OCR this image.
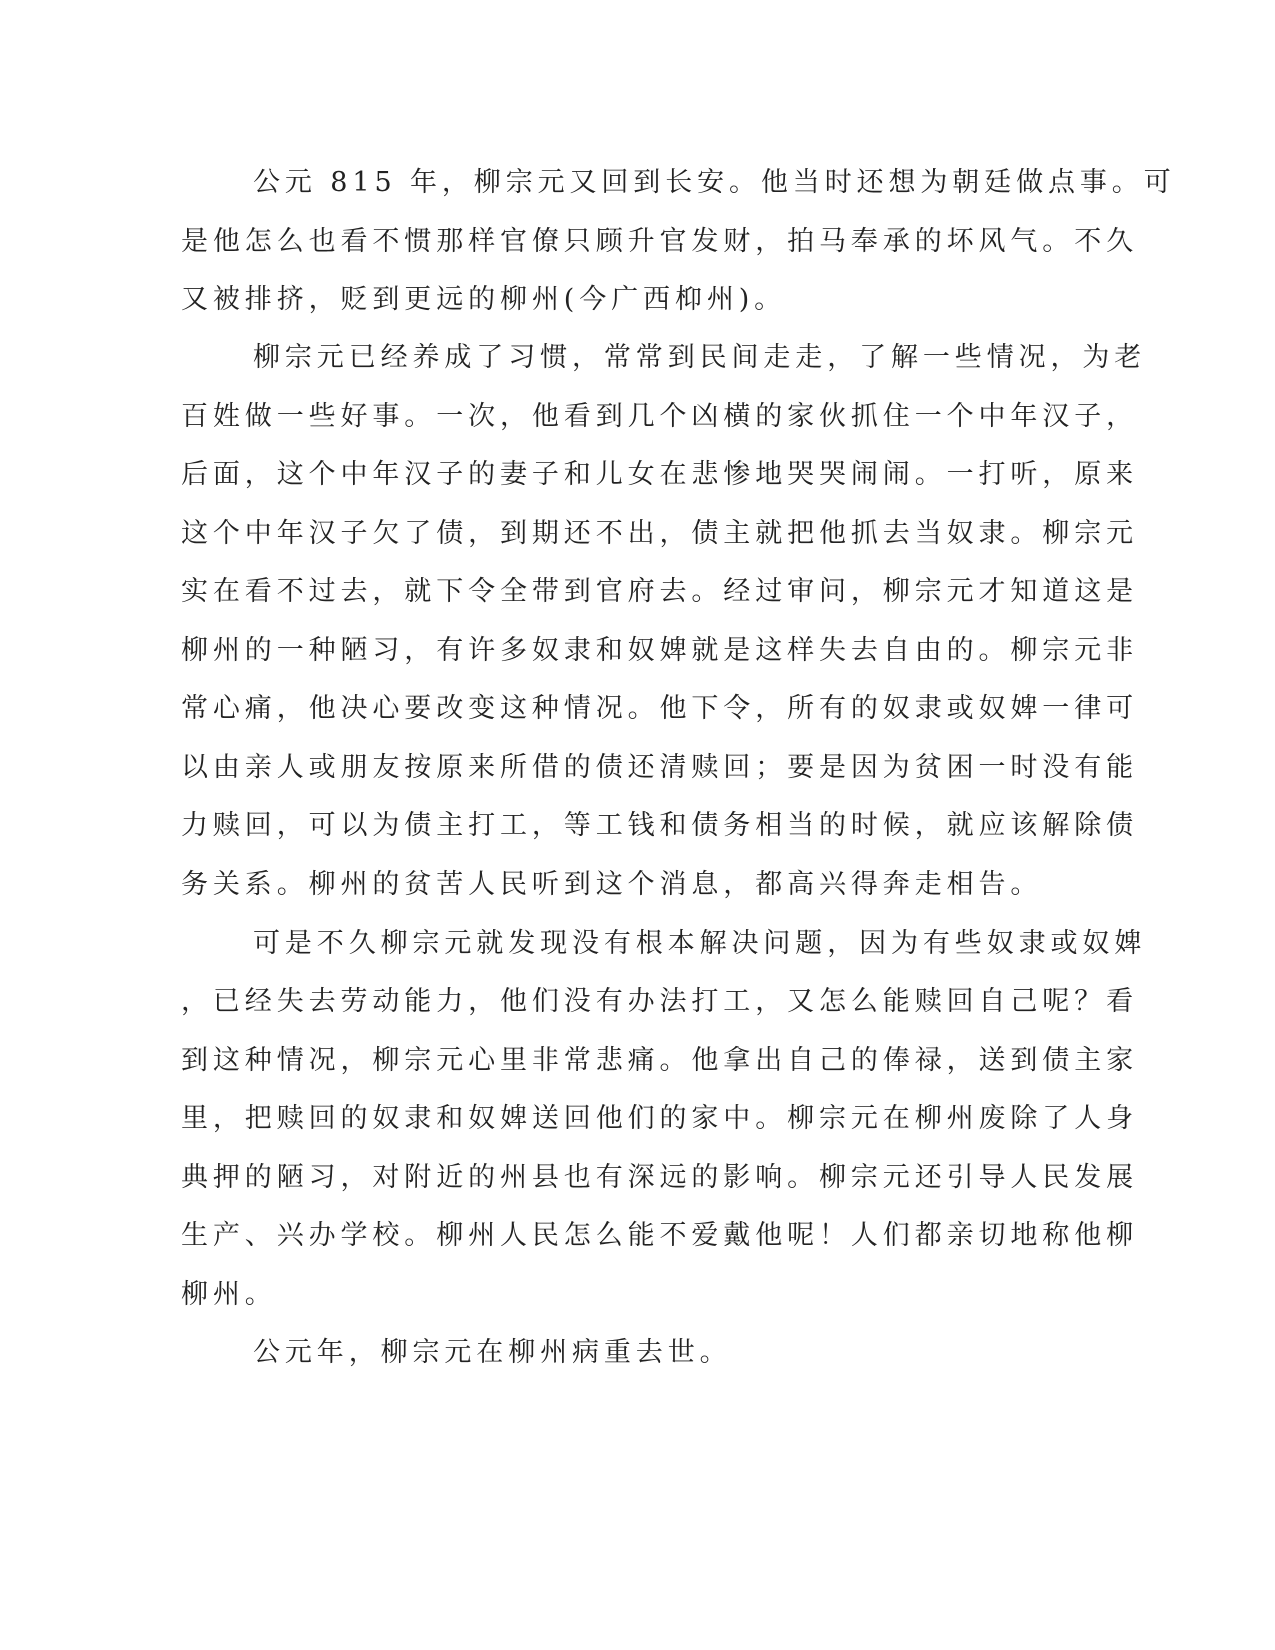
公元 815 年，柳宗元又回到长安。他当时还想为朝廷做点事。可

是他怎么也看不惯那样官僚只顾升官发财，拍马奉承的坏风气。不久

又被排挤，贬到更远的柳州(今广西枊州)。

柳宗元已经养成了习惯，常常到民间走走，了解一些情况，为老

百姓做一些好事。一次，他看到几个凶横的家伙抓住一个中年汉子，

后面，这个中年汉子的妻子和儿女在悲惨地哭哭闹闹。一打听，原来

这个中年汉子欠了债，到期还不出，债主就把他抓去当奴隶。柳宗元

实在看不过去，就下令全带到官府去。经过审问，柳宗元才知道这是

柳州的一种陋习，有许多奴隶和奴婢就是这样失去自由的。柳宗元非

常心痛，他决心要改变这种情况。他下令，所有的奴隶或奴婢一律可

以由亲人或朋友按原来所借的债还清赎回；要是因为贫困一时没有能

力赎回，可以为债主打工，等工钱和债务相当的时候，就应该解除债

务关系。柳州的贫苦人民听到这个消息，都高兴得奔走相告。

可是不久柳宗元就发现没有根本解决问题，因为有些奴隶或奴婢

，已经失去劳动能力，他们没有办法打工，又怎么能赎回自己呢？看

到这种情况，柳宗元心里非常悲痛。他拿出自己的俸禄，送到债主家

里，把赎回的奴隶和奴婢送回他们的家中。柳宗元在柳州废除了人身

典押的陋习，对附近的州县也有深远的影响。柳宗元还引导人民发展

生产、兴办学校。柳州人民怎么能不爱戴他呢！人们都亲切地称他柳

柳州。

公元年，柳宗元在柳州病重去世。
